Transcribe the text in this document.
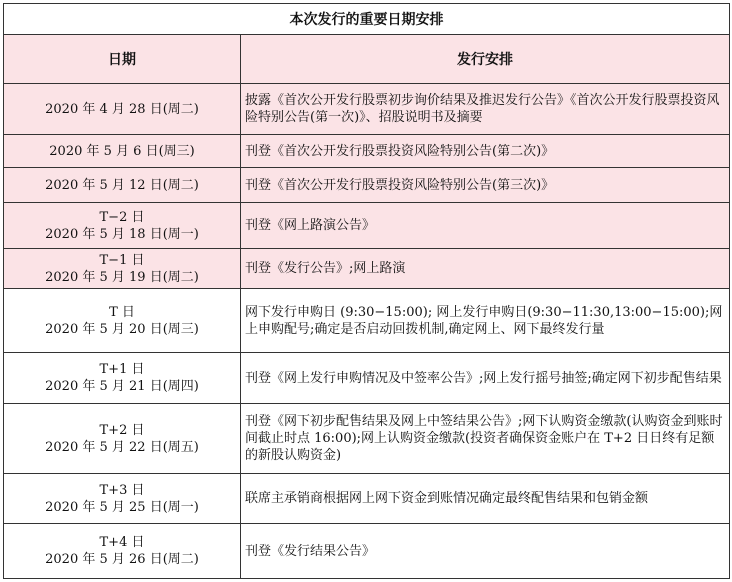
本次发行的重要日期安排	
日期	发行安排

2020 年 4 月 28 日(周二)	披露《首次公开发行股票初步询价结果及推迟发行公告》《首次公开发行股票投资风险特别公告(第一次)》、招股说明书及摘要

2020 年 5 月 6 日(周三)	刊登《首次公开发行股票投资风险特别公告(第二次)》

2020 年 5 月 12 日(周二)	刊登《首次公开发行股票投资风险特别公告(第三次)》

T−2 日
2020 年 5 月 18 日(周一)	刊登《网上路演公告》

T−1 日
2020 年 5 月 19 日(周二)	刊登《发行公告》;网上路演

T 日
2020 年 5 月 20 日(周三)	网下发行申购日 (9:30−15:00); 网上发行申购日(9:30−11:30,13:00−15:00);网上申购配号;确定是否启动回拨机制,确定网上、网下最终发行量

T+1 日
2020 年 5 月 21 日(周四)	刊登《网上发行申购情况及中签率公告》;网上发行摇号抽签;确定网下初步配售结果

T+2 日
2020 年 5 月 22 日(周五)	刊登《网下初步配售结果及网上中签结果公告》;网下认购资金缴款(认购资金到账时间截止时点 16:00);网上认购资金缴款(投资者确保资金账户在 T+2 日日终有足额的新股认购资金)

T+3 日
2020 年 5 月 25 日(周一)	联席主承销商根据网上网下资金到账情况确定最终配售结果和包销金额

T+4 日
2020 年 5 月 26 日(周二)	刊登《发行结果公告》
